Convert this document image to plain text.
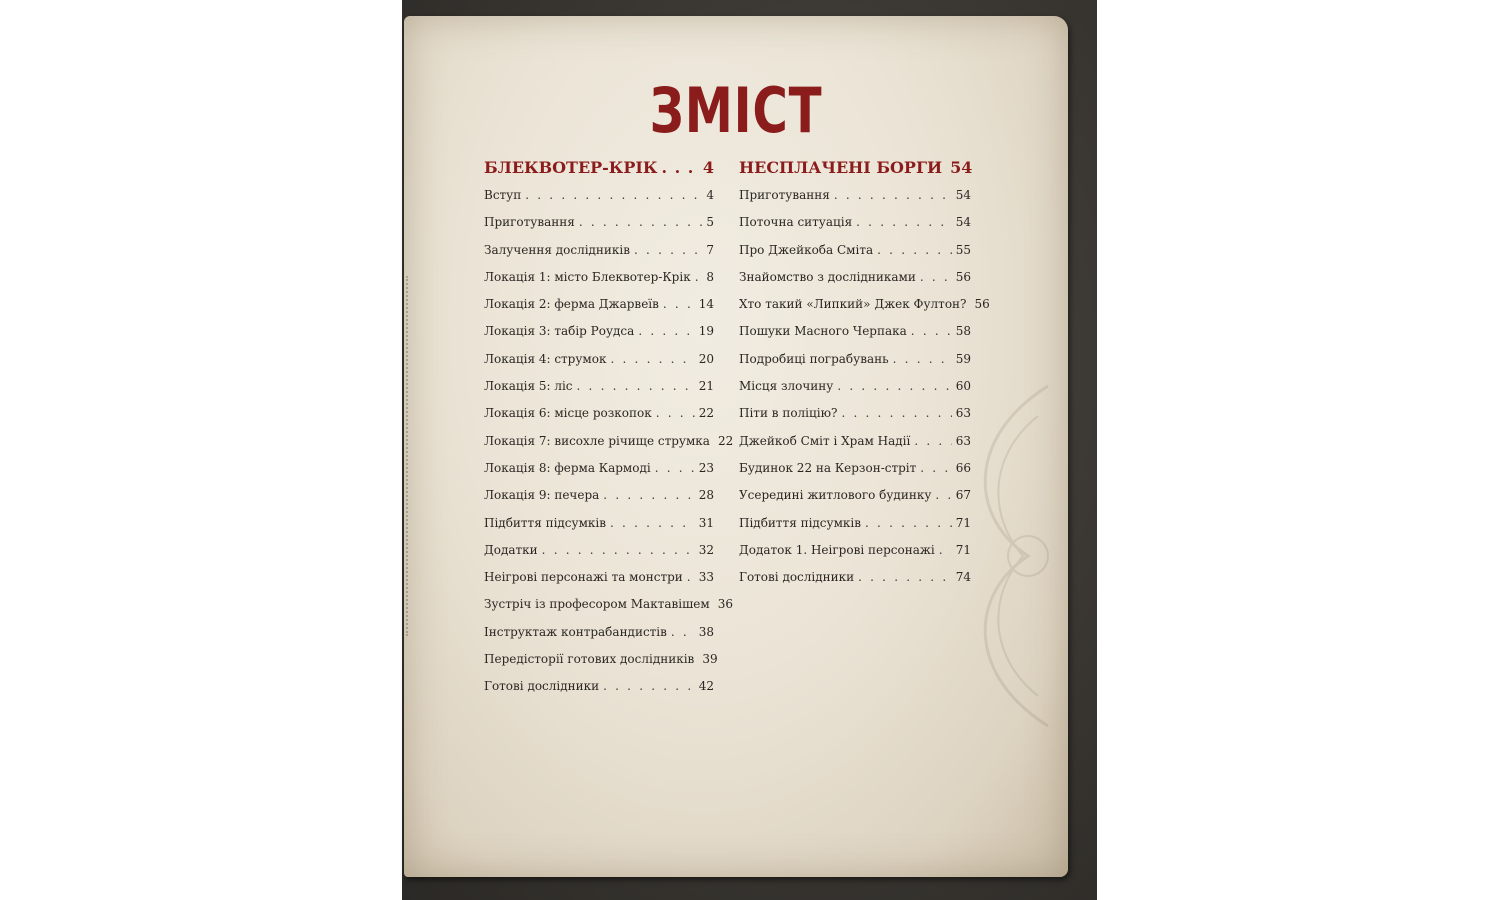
ЗМІСТ
БЛЕКВОТЕР-КРІК . . .	4
Вступ . . .	4
Приготування . . .	5
Залучення дослідників . . .	7
Локація 1: місто Блеквотер-Крік . . . 8
Локація 2: ферма Джарвеїв . . .	14
Локація 3: табір Роудса . . .	19
Локація 4: струмок . . .	20
Локація 5: ліс . . .	21
Локація 6: місце розкопок . . .	22
Локація 7: висохле річище струмка 22
Локація 8: ферма Кармоді . . .	23
Локація 9: печера . . .	28
Підбиття підсумків . . .	31
Додатки . . .	32
Неігрові персонажі та монстри . . . 33
Зустріч із професором Мактавішем 36
Інструктаж контрабандистів . . .	38
Передісторії готових дослідників 39
Готові дослідники . . .	42
НЕСПЛАЧЕНІ БОРГИ 54
Приготування . . .	54
Поточна ситуація . . .	54
Про Джейкоба Сміта . . .	55
Знайомство з дослідниками . . .	56
Хто такий «Липкий» Джек Фултон? 56
Пошуки Масного Черпака . . .	58
Подробиці пограбувань . . .	59
Місця злочину . . .	60
Піти в поліцію? . . .	63
Джейкоб Сміт і Храм Надії . . .	63
Будинок 22 на Керзон-стріт . . .	66
Усередині житлового будинку . . . 67
Підбиття підсумків . . .	71
Додаток 1. Неігрові персонажі . . . 71
Готові дослідники . . .	74
